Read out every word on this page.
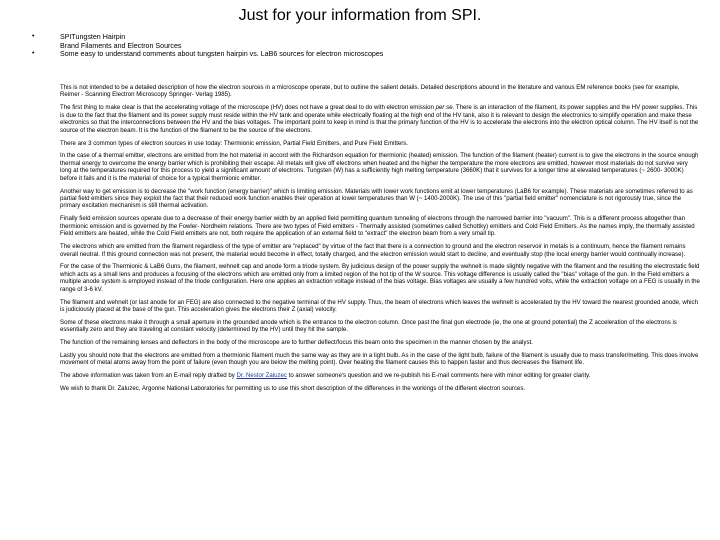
Just for your information from SPI.
•	SPITungsten Hairpin
Brand Filaments and Electron Sources
•	Some easy to understand comments about tungsten hairpin vs. LaB6 sources for electron microscopes

This is not intended to be a detailed description of how the electron sources in a microscope operate, but to outline the salient details. Detailed descriptions abound in the literature and various EM reference books (see for example, Reimer - Scanning Electron Microscopy Springer- Verlag 1985).

The first thing to make clear is that the accelerating voltage of the microscope (HV) does not have a great deal to do with electron emission per se. There is an interaction of the filament, its power supplies and the HV power supplies. This is due to the fact that the filament and its power supply must reside within the HV tank and operate while electrically floating at the high end of the HV tank, also it is relevant to design the electronics to simplify operation and make these electronics so that the interconnections between the HV and the bias voltages. The important point to keep in mind is that the primary function of the HV is to accelerate the electrons into the electron optical column. The HV itself is not the source of the electron beam. It is the function of the filament to be the source of the electrons.

There are 3 common types of electron sources in use today: Thermionic emission, Partial Field Emitters, and Pure Field Emitters.

In the case of a thermal emitter, electrons are emitted from the hot material in accord with the Richardson equation for thermionic (heated) emission. The function of the filament (heater) current is to give the electrons in the source enough thermal energy to overcome the energy barrier which is prohibiting their escape. All metals will give off electrons when heated and the higher the temperature the more electrons are emitted, however most materials do not survive very long at the temperatures required for this process to yield a significant amount of electrons. Tungsten (W) has a sufficiently high melting temperature (3660K) that it survives for a longer time at elevated temperatures (~ 2600- 3000K) before it fails and it is the material of choice for a typical thermionic emitter.

Another way to get emission is to decrease the "work function (energy barrier)" which is limiting emission. Materials with lower work functions emit at lower temperatures (LaB6 for example). These materials are sometimes referred to as partial field emitters since they exploit the fact that their reduced work function enables their operation at lower temperatures than W (~ 1400-2000K). The use of this "partial field emitter" nomenclature is not rigorously true, since the primary excitation mechanism is still thermal activation.

Finally field emission sources operate due to a decrease of their energy barrier width by an applied field permitting quantum tunneling of electrons through the narrowed barrier into "vacuum". This is a different process altogether than thermionic emission and is governed by the Fowler- Nordheim relations. There are two types of Field emitters - Thermally assisted (sometimes called Schottky) emitters and Cold Field Emitters. As the names imply, the thermally assisted Field emitters are heated, while the Cold Field emitters are not, both require the application of an external field to "extract" the electron beam from a very small tip.

The electrons which are emitted from the filament regardless of the type of emitter are "replaced" by virtue of the fact that there is a connection to ground and the electron reservoir in metals is a continuum, hence the filament remains overall neutral. If this ground connection was not present, the material would become in effect, totally charged, and the electron emission would start to decline, and eventually stop (the local energy barrier would continually increase).

For the case of the Thermionic & LaB6 Guns, the filament, wehnelt cap and anode form a triode system. By judicious design of the power supply the wehnelt is made slightly negative with the filament and the resulting the electrostatic field which acts as a small lens and produces a focusing of the electrons which are emitted only from a limited region of the hot tip of the W source. This voltage difference is usually called the "bias" voltage of the gun. In the Field emitters a multiple anode system is employed instead of the triode configuration. Here one applies an extraction voltage instead of the bias voltage. Bias voltages are usually a few hundred volts, while the extraction voltage on a FEG is usually in the range of 3-6 kV.

The filament and wehnelt (or last anode for an FEG) are also connected to the negative terminal of the HV supply. Thus, the beam of electrons which leaves the wehnelt is accelerated by the HV toward the nearest grounded anode, which is judiciously placed at the base of the gun. This acceleration gives the electrons their Z (axial) velocity.

Some of these electrons make it through a small aperture in the grounded anode which is the entrance to the electron column. Once past the final gun electrode (ie, the one at ground potential) the Z acceleration of the electrons is essentially zero and they are traveling at constant velocity (determined by the HV) until they hit the sample.

The function of the remaining lenses and deflectors in the body of the microscope are to further deflect/focus this beam onto the specimen in the manner chosen by the analyst.

Lastly you should note that the electrons are emitted from a thermionic filament much the same way as they are in a light bulb. As in the case of the light bulb, failure of the filament is usually due to mass transfer/melting. This does involve movement of metal atoms away from the point of failure (even though you are below the melting point). Over heating the filament causes this to happen faster and thus decreases the filament life.

The above information was taken from an E-mail reply drafted by Dr. Nestor Zaluzec to answer someone's question and we re-publish his E-mail comments here with minor editing for greater clarity.

We wish to thank Dr. Zaluzec, Argonne National Laboratories for permitting us to use this short description of the differences in the workings of the different electron sources.
